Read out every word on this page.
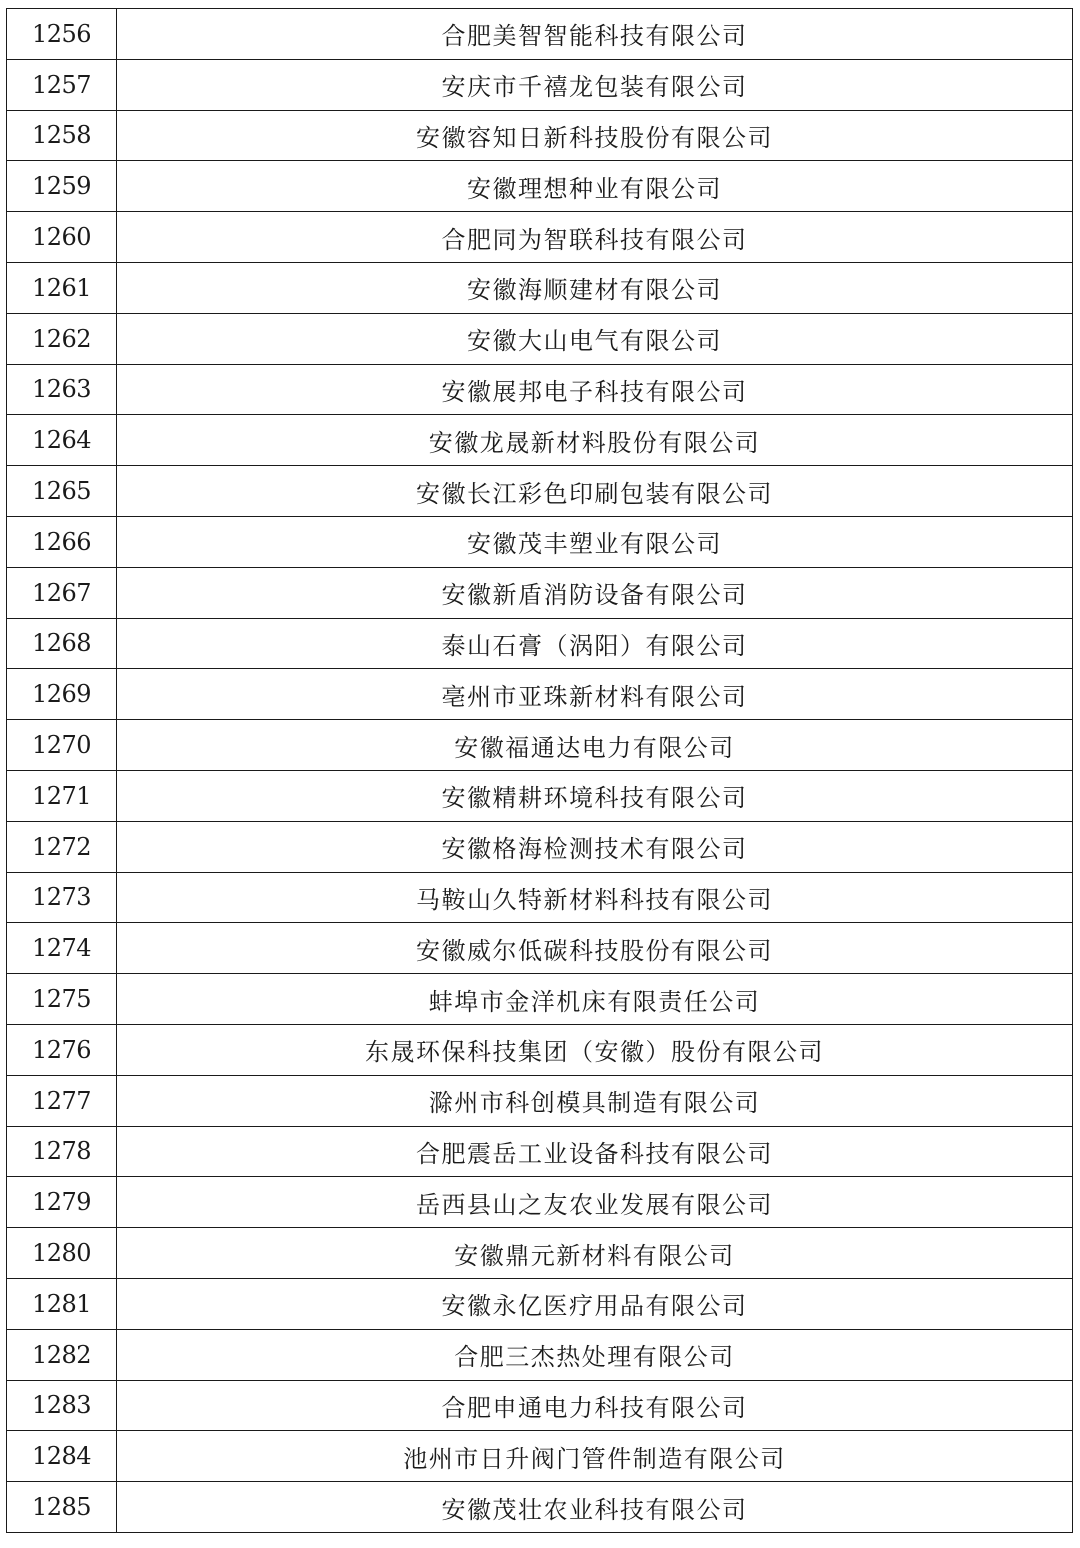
1256	合肥美智智能科技有限公司
1257	安庆市千禧龙包装有限公司
1258	安徽容知日新科技股份有限公司
1259	安徽理想种业有限公司
1260	合肥同为智联科技有限公司
1261	安徽海顺建材有限公司
1262	安徽大山电气有限公司
1263	安徽展邦电子科技有限公司
1264	安徽龙晟新材料股份有限公司
1265	安徽长江彩色印刷包装有限公司
1266	安徽茂丰塑业有限公司
1267	安徽新盾消防设备有限公司
1268	泰山石膏（涡阳）有限公司
1269	亳州市亚珠新材料有限公司
1270	安徽福通达电力有限公司
1271	安徽精耕环境科技有限公司
1272	安徽格海检测技术有限公司
1273	马鞍山久特新材料科技有限公司
1274	安徽威尔低碳科技股份有限公司
1275	蚌埠市金洋机床有限责任公司
1276	东晟环保科技集团（安徽）股份有限公司
1277	滁州市科创模具制造有限公司
1278	合肥震岳工业设备科技有限公司
1279	岳西县山之友农业发展有限公司
1280	安徽鼎元新材料有限公司
1281	安徽永亿医疗用品有限公司
1282	合肥三杰热处理有限公司
1283	合肥申通电力科技有限公司
1284	池州市日升阀门管件制造有限公司
1285	安徽茂壮农业科技有限公司
